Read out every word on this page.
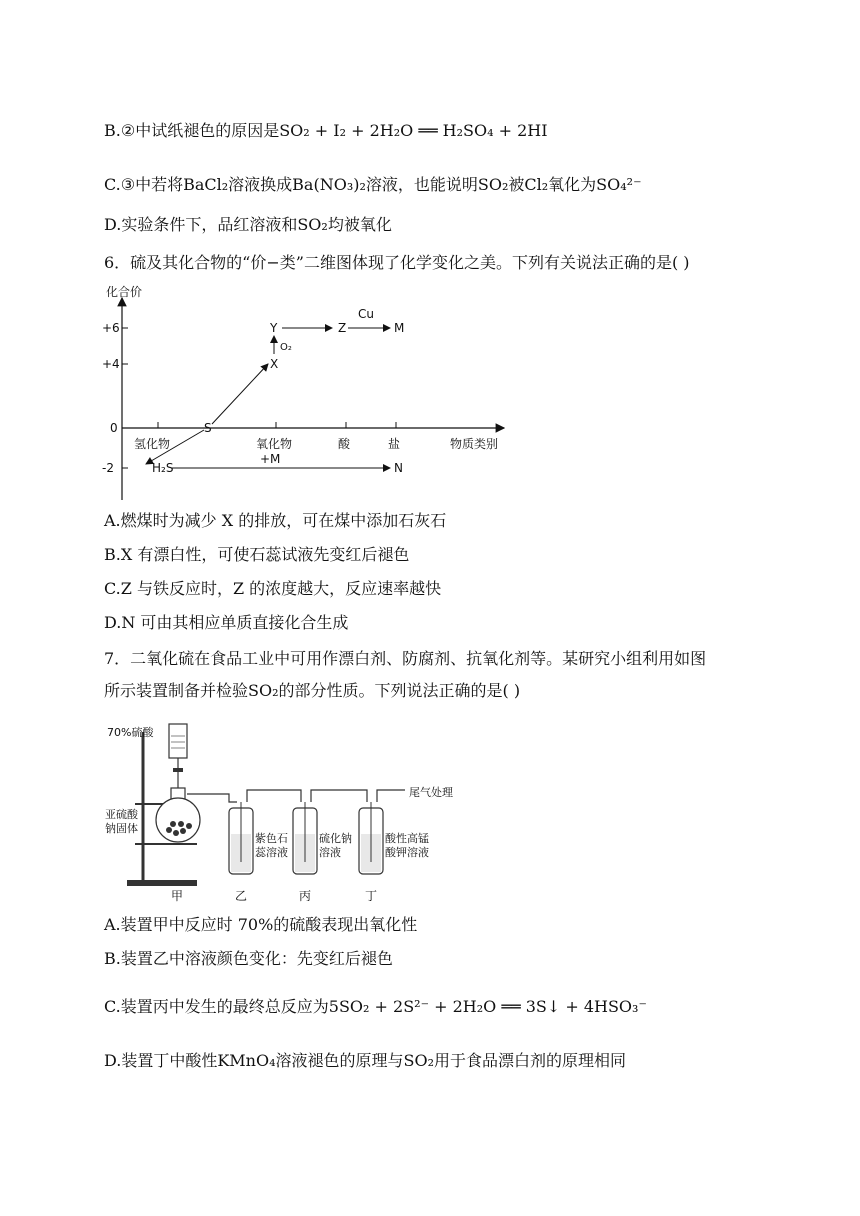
B.②中试纸褪色的原因是SO₂ + I₂ + 2H₂O ══ H₂SO₄ + 2HI
C.③中若将BaCl₂溶液换成Ba(NO₃)₂溶液，也能说明SO₂被Cl₂氧化为SO₄²⁻
D.实验条件下，品红溶液和SO₂均被氧化
6．硫及其化合物的“价−类”二维图体现了化学变化之美。下列有关说法正确的是( )
化合价
+6
+4
0
-2
氢化物	氧化物	酸	盐	物质类别
S
X
Y	Z	M
H₂S	N
O₂
Cu
+M
A.燃煤时为减少 X 的排放，可在煤中添加石灰石
B.X 有漂白性，可使石蕊试液先变红后褪色
C.Z 与铁反应时，Z 的浓度越大，反应速率越快
D.N 可由其相应单质直接化合生成
7．二氧化硫在食品工业中可用作漂白剂、防腐剂、抗氧化剂等。某研究小组利用如图
所示装置制备并检验SO₂的部分性质。下列说法正确的是( )
70%硫酸
亚硫酸
钠固体
尾气处理
紫色石
蕊溶液
硫化钠
溶液
酸性高锰
酸钾溶液
甲	乙	丙	丁
A.装置甲中反应时 70%的硫酸表现出氧化性
B.装置乙中溶液颜色变化：先变红后褪色
C.装置丙中发生的最终总反应为5SO₂ + 2S²⁻ + 2H₂O ══ 3S↓ + 4HSO₃⁻
D.装置丁中酸性KMnO₄溶液褪色的原理与SO₂用于食品漂白剂的原理相同
